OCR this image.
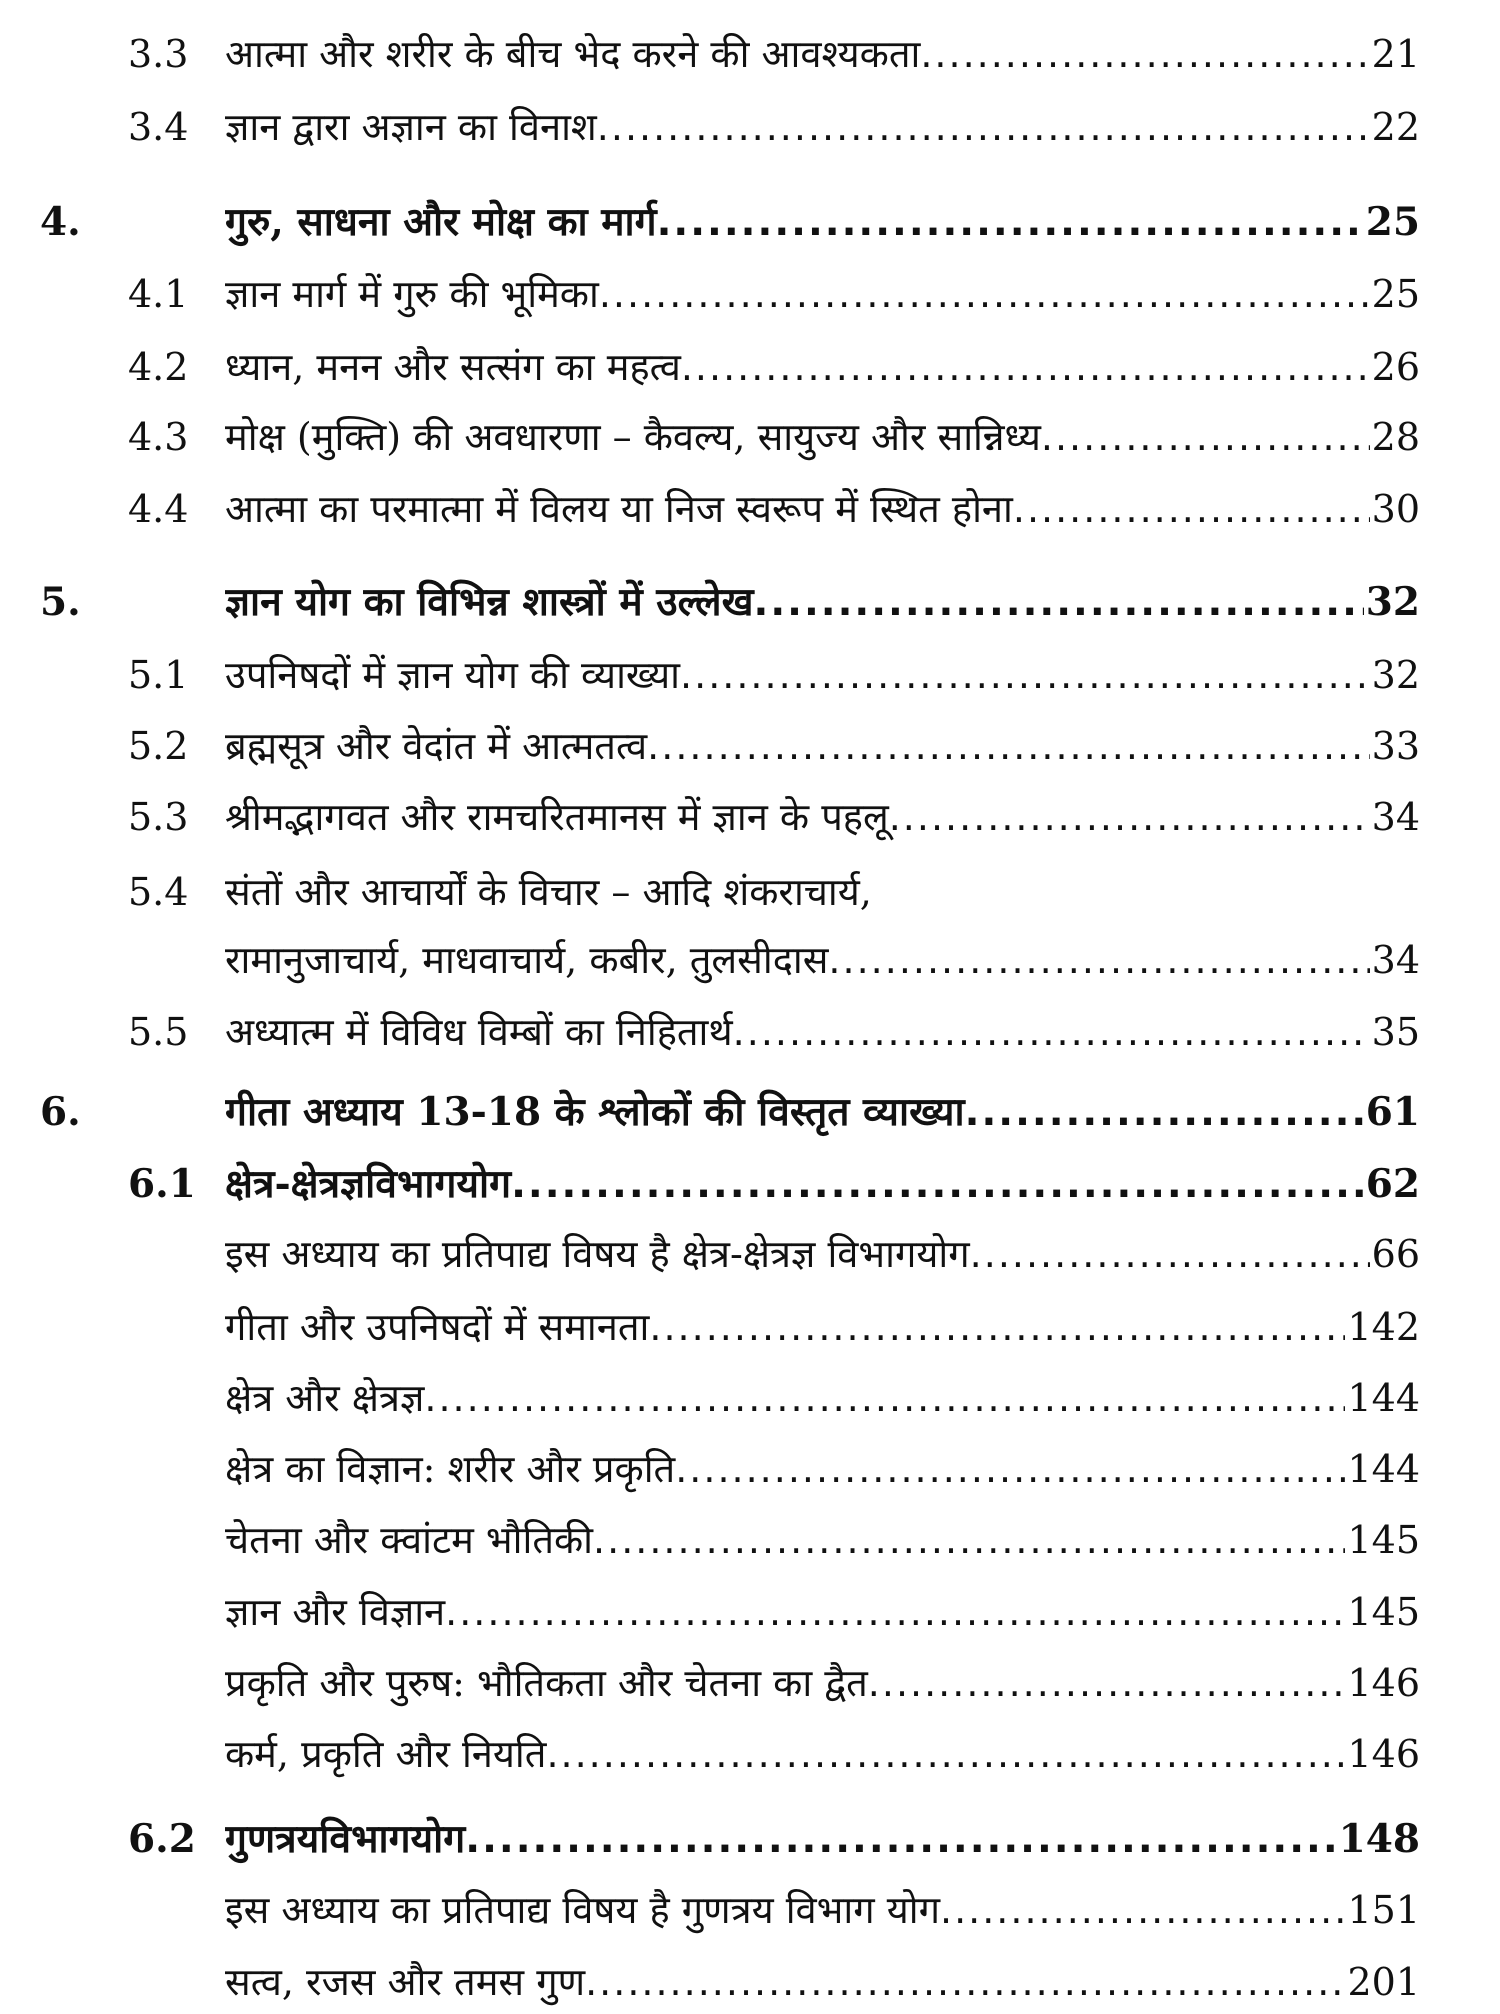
3.3 आत्मा और शरीर के बीच भेद करने की आवश्यकता .....	21
3.4 ज्ञान द्वारा अज्ञान का विनाश .....	22
4.	गुरु, साधना और मोक्ष का मार्ग .....	25
4.1 ज्ञान मार्ग में गुरु की भूमिका .....	25
4.2 ध्यान, मनन और सत्संग का महत्व .....	26
4.3 मोक्ष (मुक्ति) की अवधारणा – कैवल्य, सायुज्य और सान्निध्य .....	28
4.4 आत्मा का परमात्मा में विलय या निज स्वरूप में स्थित होना .....	30
5.	ज्ञान योग का विभिन्न शास्त्रों में उल्लेख .....	32
5.1 उपनिषदों में ज्ञान योग की व्याख्या .....	32
5.2 ब्रह्मसूत्र और वेदांत में आत्मतत्व .....	33
5.3 श्रीमद्भागवत और रामचरितमानस में ज्ञान के पहलू .....	34
5.4 संतों और आचार्यों के विचार – आदि शंकराचार्य,
रामानुजाचार्य, माधवाचार्य, कबीर, तुलसीदास .....	34
5.5 अध्यात्म में विविध विम्बों का निहितार्थ .....	35
6.	गीता अध्याय 13-18 के श्लोकों की विस्तृत व्याख्या .....	61
6.1 क्षेत्र-क्षेत्रज्ञविभागयोग .....	62
इस अध्याय का प्रतिपाद्य विषय है क्षेत्र-क्षेत्रज्ञ विभागयोग .....	66
गीता और उपनिषदों में समानता .....	142
क्षेत्र और क्षेत्रज्ञ .....	144
क्षेत्र का विज्ञान: शरीर और प्रकृति .....	144
चेतना और क्वांटम भौतिकी .....	145
ज्ञान और विज्ञान .....	145
प्रकृति और पुरुष: भौतिकता और चेतना का द्वैत .....	146
कर्म, प्रकृति और नियति .....	146
6.2 गुणत्रयविभागयोग .....	148
इस अध्याय का प्रतिपाद्य विषय है गुणत्रय विभाग योग .....	151
सत्व, रजस और तमस गुण .....	201
